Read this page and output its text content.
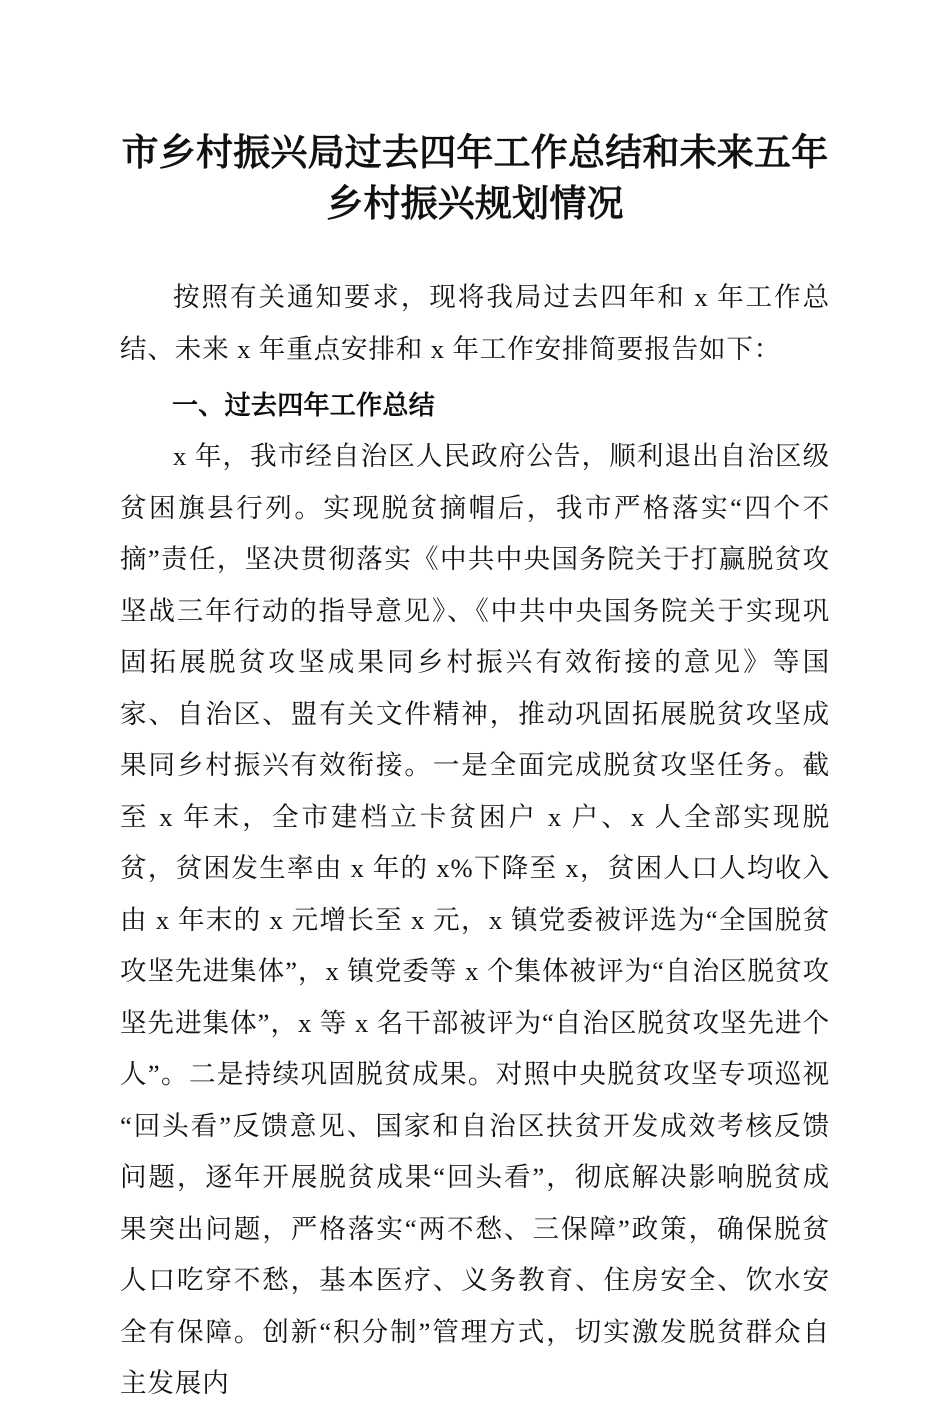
市乡村振兴局过去四年工作总结和未来五年乡村振兴规划情况

按照有关通知要求，现将我局过去四年和 x 年工作总结、未来 x 年重点安排和 x 年工作安排简要报告如下：

一、过去四年工作总结

x 年，我市经自治区人民政府公告，顺利退出自治区级贫困旗县行列。实现脱贫摘帽后，我市严格落实“四个不摘”责任，坚决贯彻落实《中共中央国务院关于打赢脱贫攻坚战三年行动的指导意见》、《中共中央国务院关于实现巩固拓展脱贫攻坚成果同乡村振兴有效衔接的意见》等国家、自治区、盟有关文件精神，推动巩固拓展脱贫攻坚成果同乡村振兴有效衔接。一是全面完成脱贫攻坚任务。截至 x 年末，全市建档立卡贫困户 x 户、x 人全部实现脱贫，贫困发生率由 x 年的 x%下降至 x，贫困人口人均收入由 x 年末的 x 元增长至 x 元，x 镇党委被评选为“全国脱贫攻坚先进集体”，x 镇党委等 x 个集体被评为“自治区脱贫攻坚先进集体”，x 等 x 名干部被评为“自治区脱贫攻坚先进个人”。二是持续巩固脱贫成果。对照中央脱贫攻坚专项巡视“回头看”反馈意见、国家和自治区扶贫开发成效考核反馈问题，逐年开展脱贫成果“回头看”，彻底解决影响脱贫成果突出问题，严格落实“两不愁、三保障”政策，确保脱贫人口吃穿不愁，基本医疗、义务教育、住房安全、饮水安全有保障。创新“积分制”管理方式，切实激发脱贫群众自主发展内
